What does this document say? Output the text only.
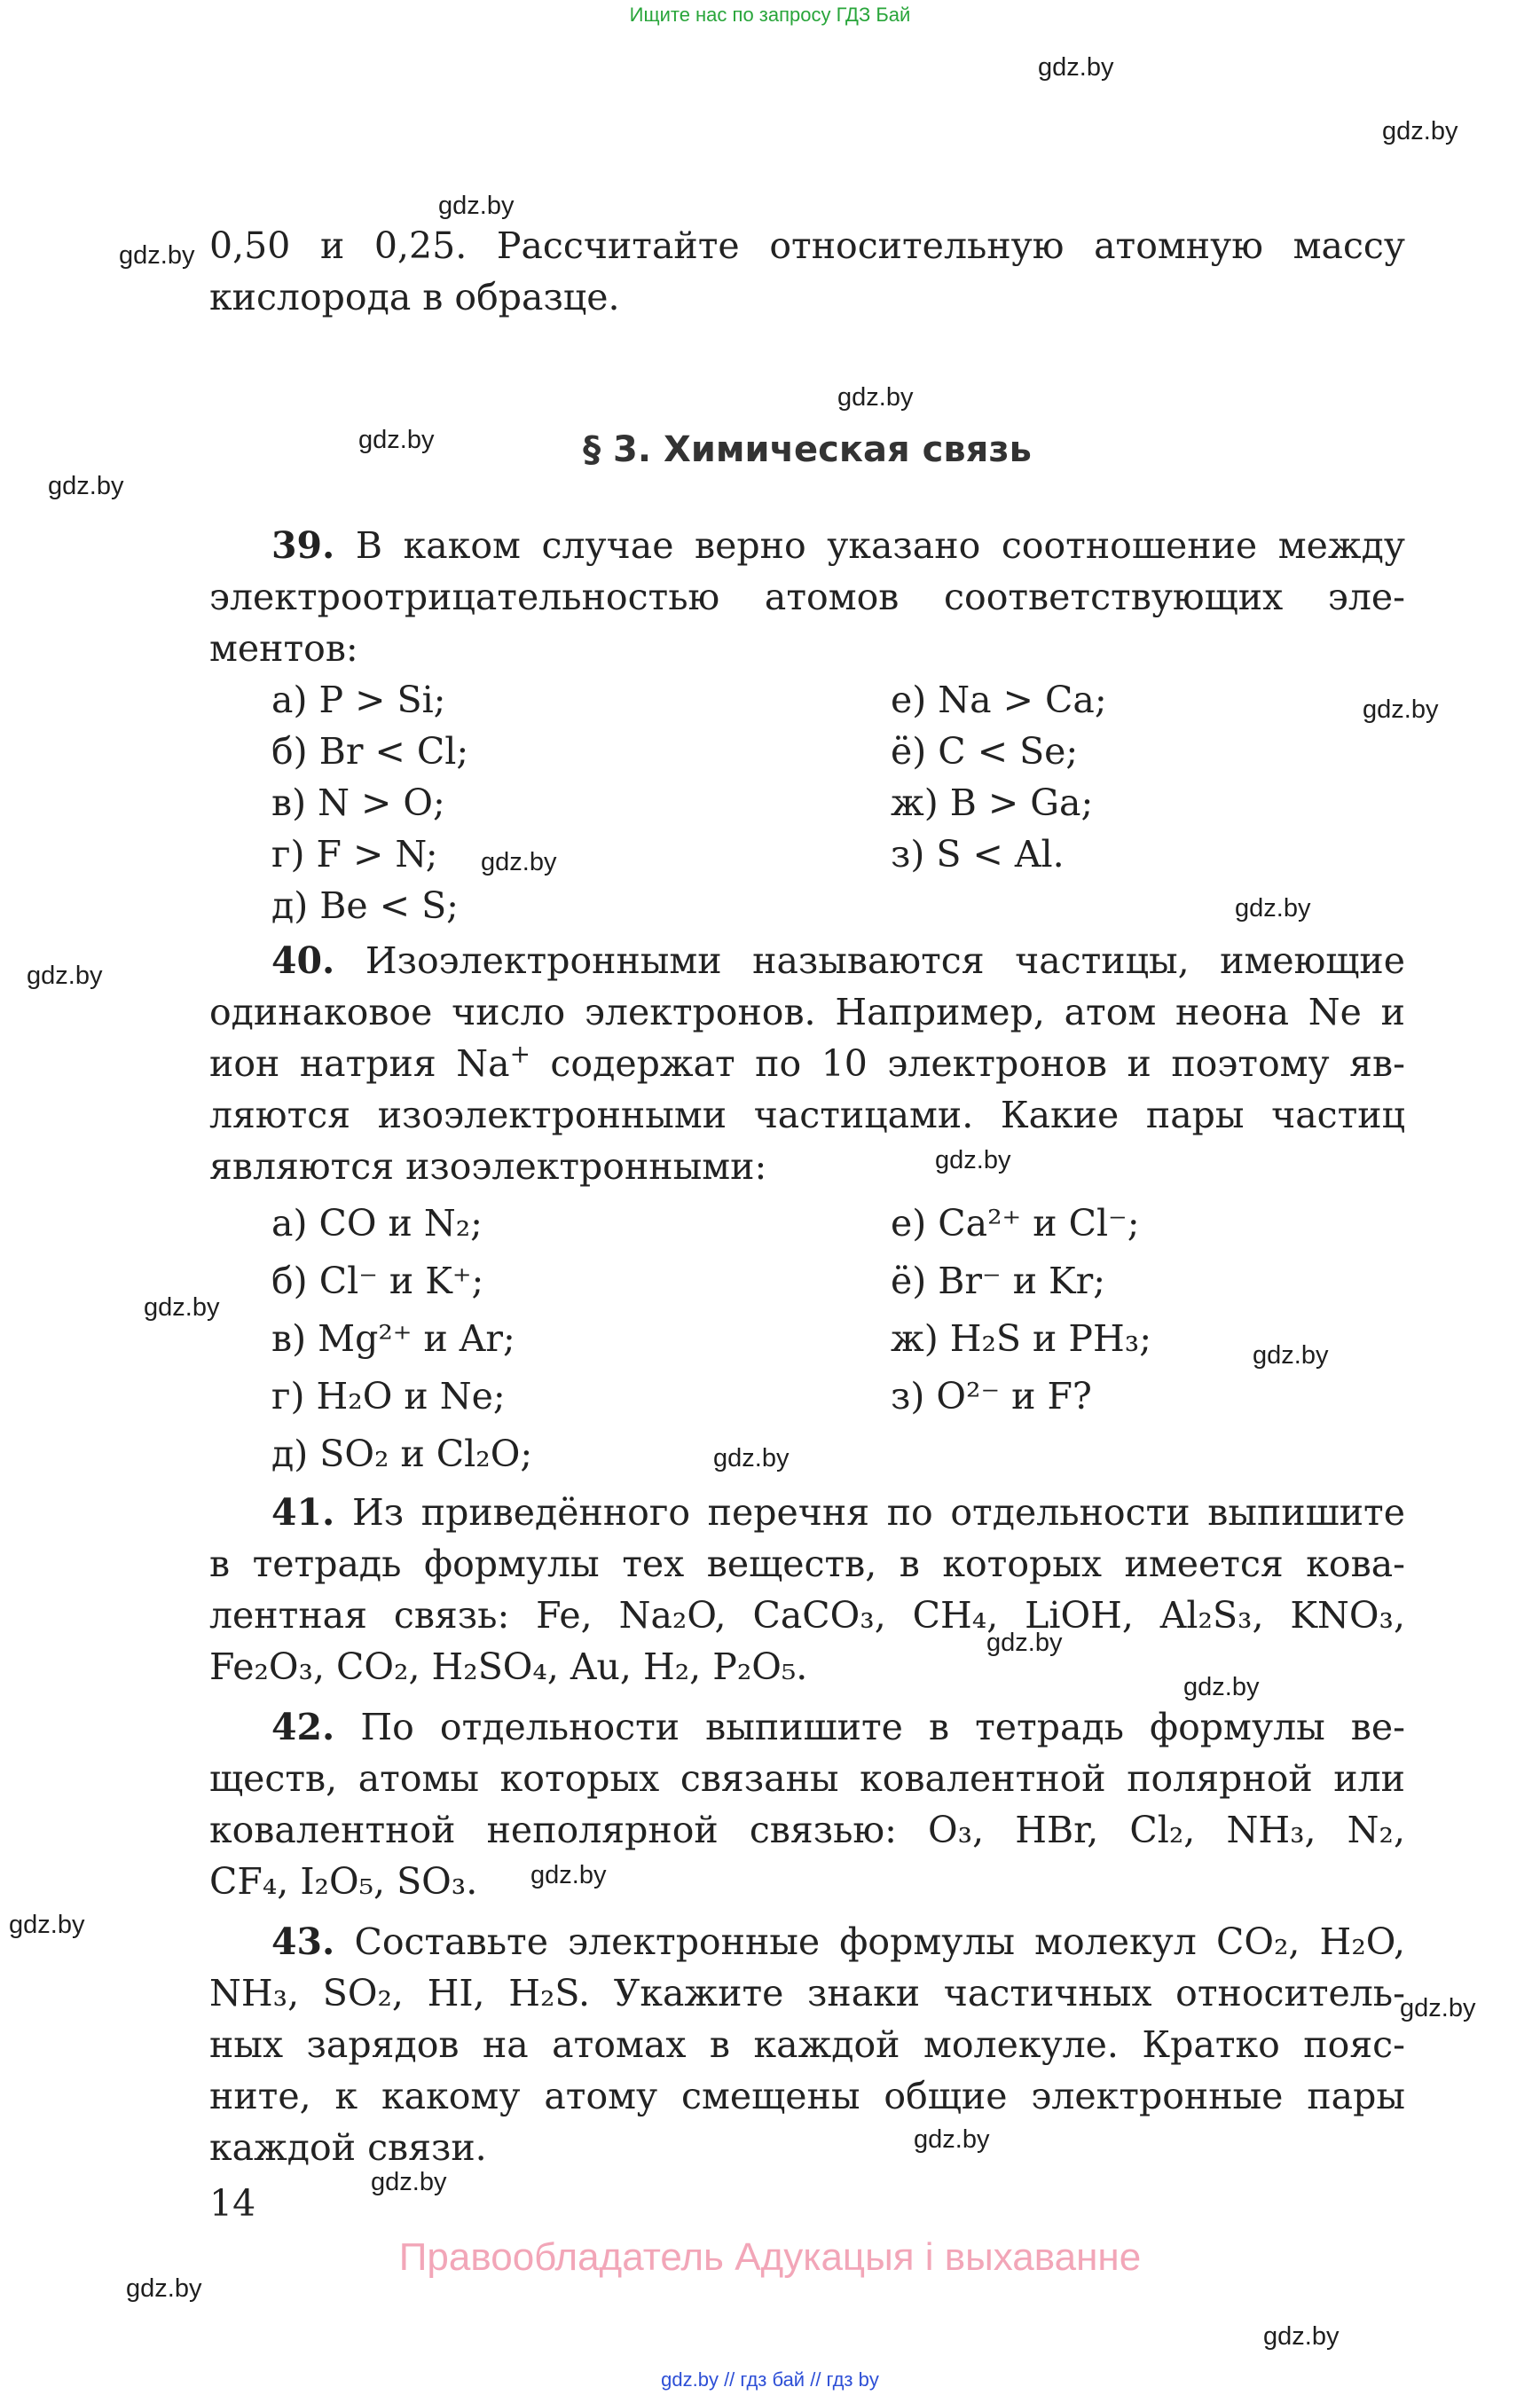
Ищите нас по запросу ГДЗ Бай
gdz.by
gdz.by
gdz.by
gdz.by
gdz.by
gdz.by
gdz.by
gdz.by
gdz.by
gdz.by
gdz.by
gdz.by
gdz.by
gdz.by
gdz.by
gdz.by
gdz.by
gdz.by
gdz.by
gdz.by
gdz.by
gdz.by
gdz.by
gdz.by
0,50 и 0,25. Рассчитайте относительную атомную массу
кислорода в образце.
§ 3. Химическая связь
39. В каком случае верно указано соотношение между
электроотрицательностью атомов соответствующих эле-
ментов:
а) P > Si;
б) Br < Cl;
в) N > O;
г) F > N;
д) Be < S;
е) Na > Ca;
ё) C < Se;
ж) B > Ga;
з) S < Al.
40. Изоэлектронными называются частицы, имеющие
одинаковое число электронов. Например, атом неона Ne и
ион натрия Na+ содержат по 10 электронов и поэтому яв-
ляются изоэлектронными частицами. Какие пары частиц
являются изоэлектронными:
а) CO и N₂;
б) Cl⁻ и K⁺;
в) Mg²⁺ и Ar;
г) H₂O и Ne;
д) SO₂ и Cl₂O;
е) Ca²⁺ и Cl⁻;
ё) Br⁻ и Kr;
ж) H₂S и PH₃;
з) O²⁻ и F?
41. Из приведённого перечня по отдельности выпишите
в тетрадь формулы тех веществ, в которых имеется кова-
лентная связь: Fe, Na₂O, CaCO₃, CH₄, LiOH, Al₂S₃, KNO₃,
Fe₂O₃, CO₂, H₂SO₄, Au, H₂, P₂O₅.
42. По отдельности выпишите в тетрадь формулы ве-
ществ, атомы которых связаны ковалентной полярной или
ковалентной неполярной связью: O₃, HBr, Cl₂, NH₃, N₂,
CF₄, I₂O₅, SO₃.
43. Составьте электронные формулы молекул CO₂, H₂O,
NH₃, SO₂, HI, H₂S. Укажите знаки частичных относитель-
ных зарядов на атомах в каждой молекуле. Кратко пояс-
ните, к какому атому смещены общие электронные пары
каждой связи.
14
Правообладатель Адукацыя і выхаванне
gdz.by // гдз бай // гдз by
